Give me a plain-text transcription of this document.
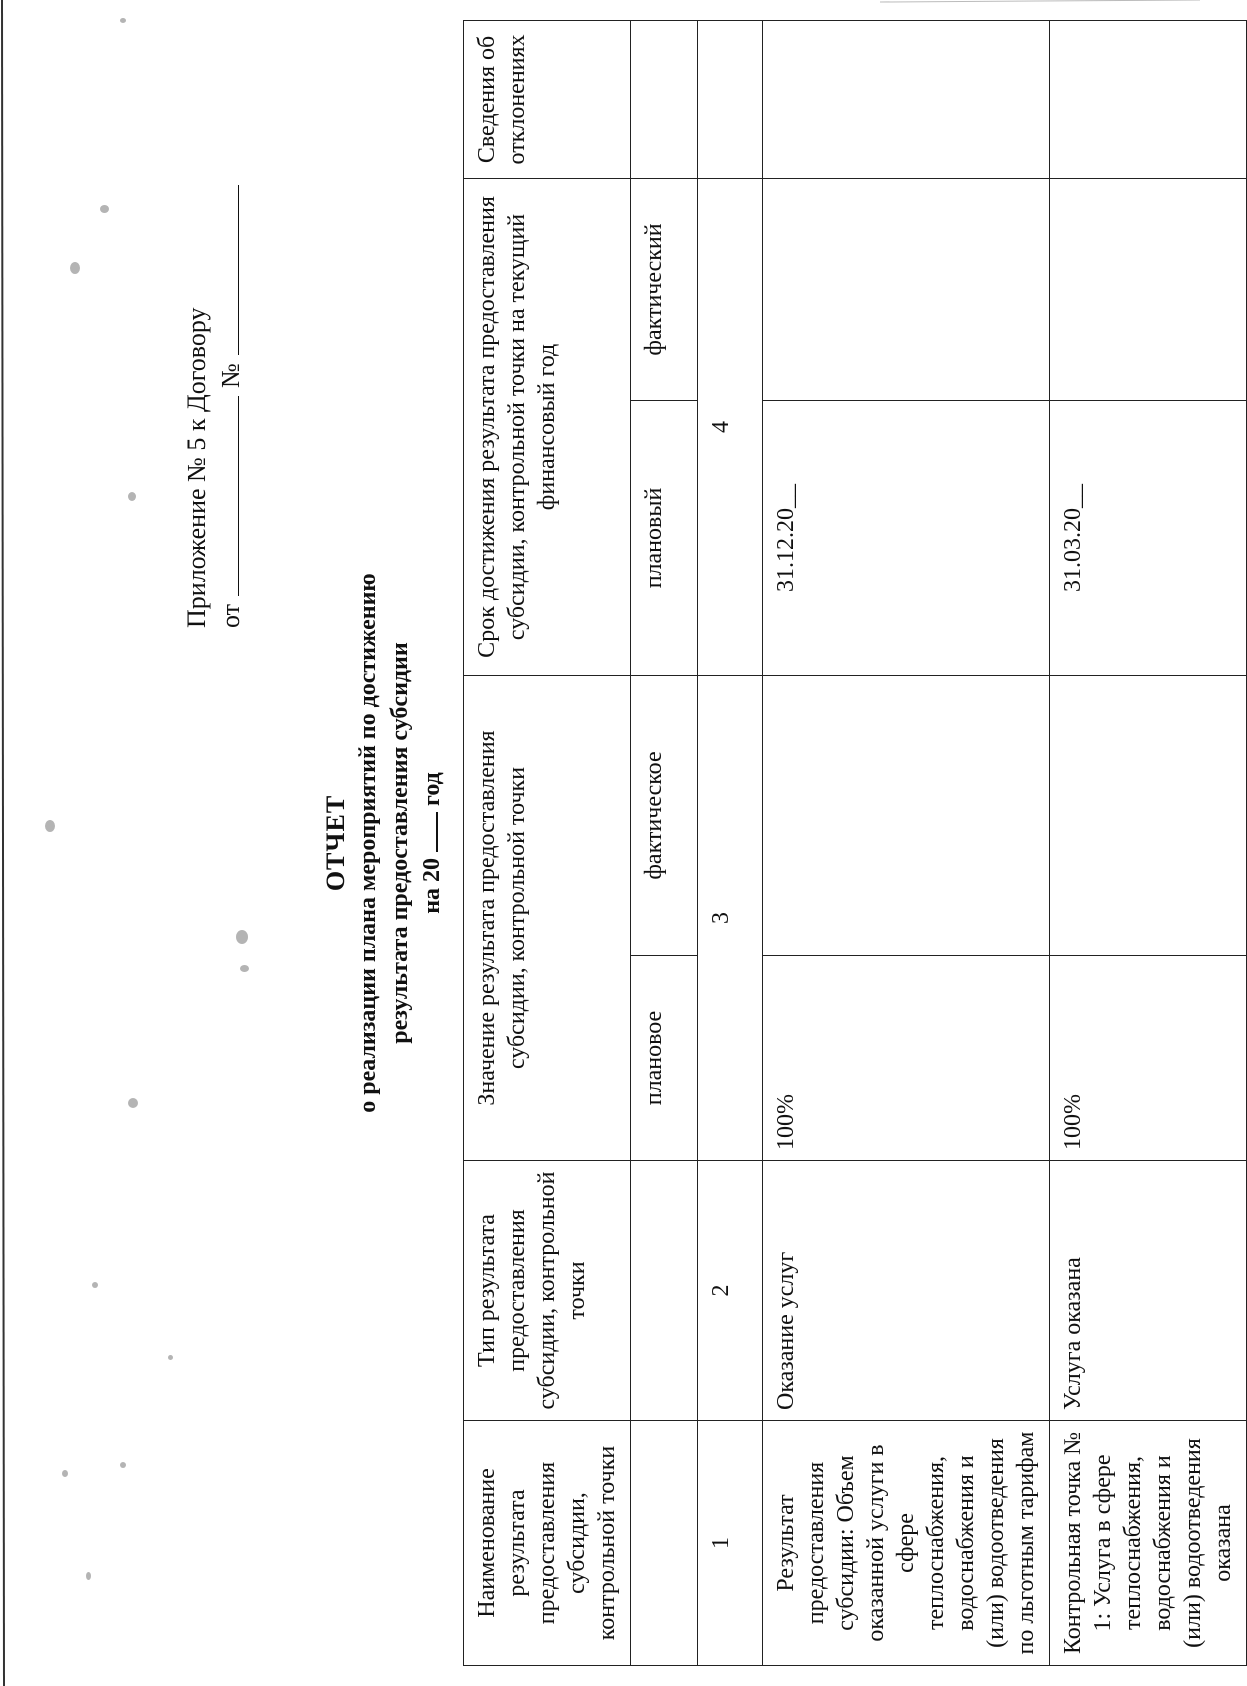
Приложение № 5 к Договору от
№
ОТЧЕТ о реализации плана мероприятий по достижению результата предоставления субсидии на 20
год
Наименование результата предоставления субсидии, контрольной точки	Тип результата предоставления субсидии, контрольной точки	Значение результата предоставления субсидии, контрольной точки		Срок достижения результата предоставления субсидии, контрольной точки на текущий финансовый год		Сведения об отклонениях
		плановое	фактическое	плановый	фактический	
1	2	3		4		
Результат предоставления субсидии: Объем оказанной услуги в сфере теплоснабжения, водоснабжения и (или) водоотведения по льготным тарифам	Оказание услуг	100%		31.12.20__		
Контрольная точка № 1: Услуга в сфере теплоснабжения, водоснабжения и (или) водоотведения оказана	Услуга оказана	100%		31.03.20__		
